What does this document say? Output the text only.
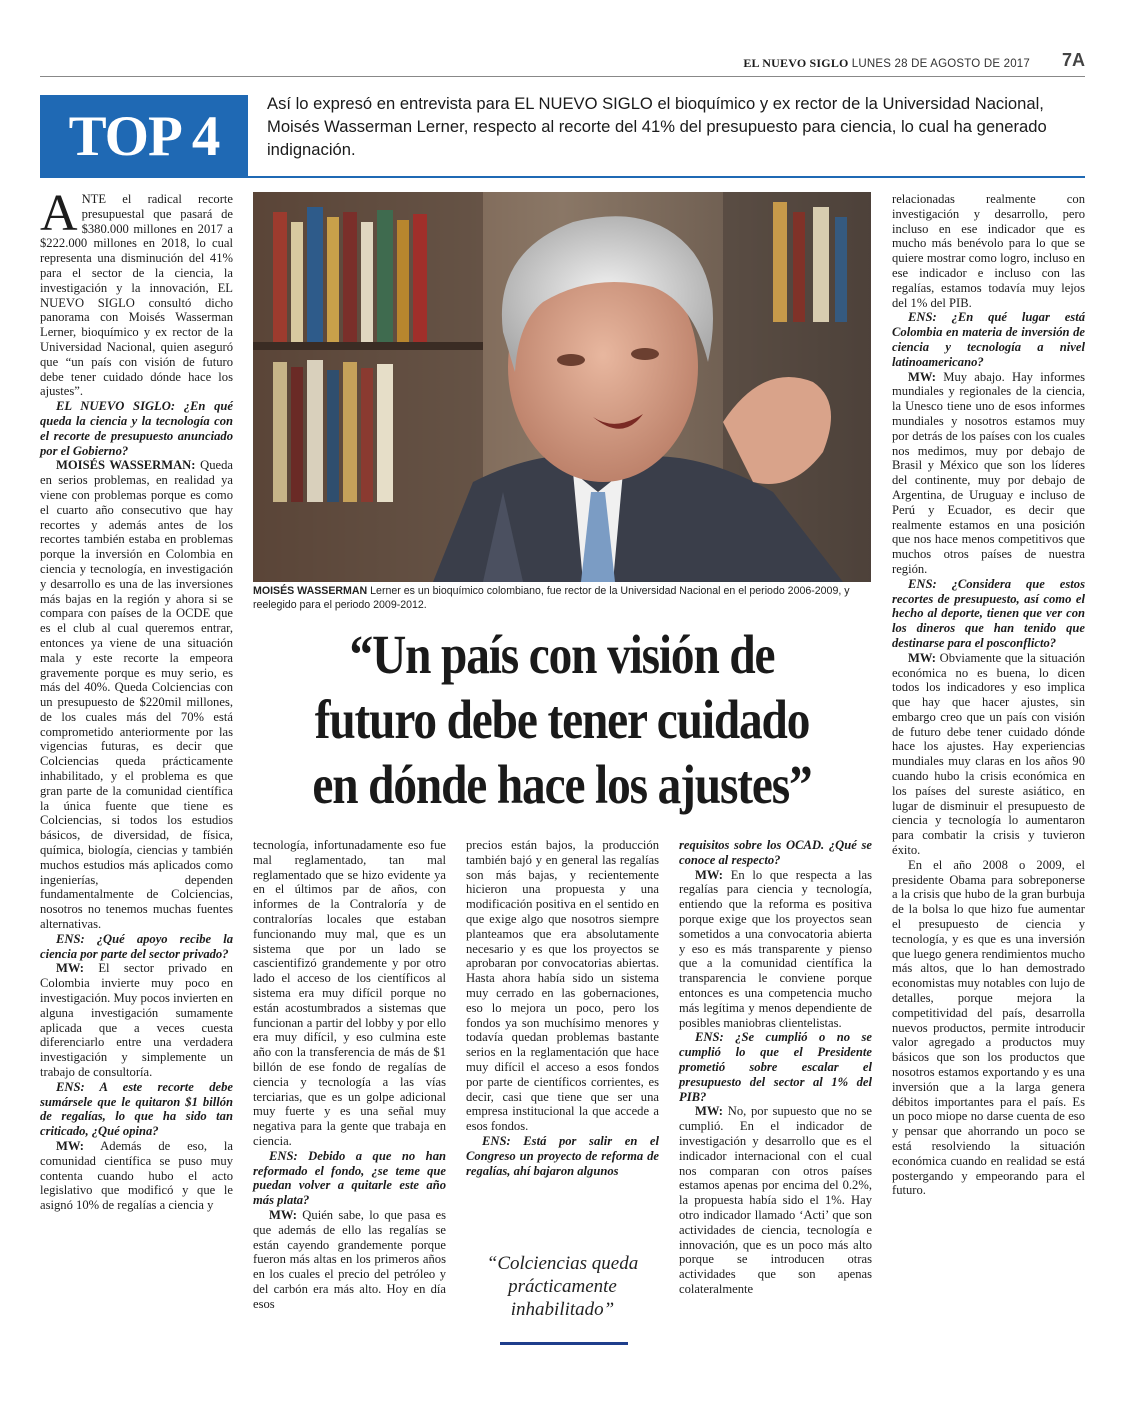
EL NUEVO SIGLO LUNES 28 DE AGOSTO DE 2017 7A
TOP 4
Así lo expresó en entrevista para EL NUEVO SIGLO el bioquímico y ex rector de la Universidad Nacional, Moisés Wasserman Lerner, respecto al recorte del 41% del presupuesto para ciencia, lo cual ha generado indignación.

ANTE el radical recorte presupuestal que pasará de $380.000 millones en 2017 a $222.000 millones en 2018, lo cual representa una disminución del 41% para el sector de la ciencia, la investigación y la innovación, EL NUEVO SIGLO consultó dicho panorama con Moisés Wasserman Lerner, bioquímico y ex rector de la Universidad Nacional, quien aseguró que “un país con visión de futuro debe tener cuidado dónde hace los ajustes”.

EL NUEVO SIGLO: ¿En qué queda la ciencia y la tecnología con el recorte de presupuesto anunciado por el Gobierno?

MOISÉS WASSERMAN: Queda en serios problemas, en realidad ya viene con problemas porque es como el cuarto año consecutivo que hay recortes y además antes de los recortes también estaba en problemas porque la inversión en Colombia en ciencia y tecnología, en investigación y desarrollo es una de las inversiones más bajas en la región y ahora si se compara con países de la OCDE que es el club al cual queremos entrar, entonces ya viene de una situación mala y este recorte la empeora gravemente porque es muy serio, es más del 40%. Queda Colciencias con un presupuesto de $220mil millones, de los cuales más del 70% está comprometido anteriormente por las vigencias futuras, es decir que Colciencias queda prácticamente inhabilitado, y el problema es que gran parte de la comunidad científica la única fuente que tiene es Colciencias, si todos los estudios básicos, de diversidad, de física, química, biología, ciencias y también muchos estudios más aplicados como ingenierías, dependen fundamentalmente de Colciencias, nosotros no tenemos muchas fuentes alternativas.

ENS: ¿Qué apoyo recibe la ciencia por parte del sector privado?

MW: El sector privado en Colombia invierte muy poco en investigación. Muy pocos invierten en alguna investigación sumamente aplicada que a veces cuesta diferenciarlo entre una verdadera investigación y simplemente un trabajo de consultoría.

ENS: A este recorte debe sumársele que le quitaron $1 billón de regalías, lo que ha sido tan criticado, ¿Qué opina?

MW: Además de eso, la comunidad científica se puso muy contenta cuando hubo el acto legislativo que modificó y que le asignó 10% de regalías a ciencia y

MOISÉS WASSERMAN Lerner es un bioquímico colombiano, fue rector de la Universidad Nacional en el periodo 2006-2009, y reelegido para el periodo 2009-2012.
“Un país con visión de futuro debe tener cuidado en dónde hace los ajustes”

tecnología, infortunadamente eso fue mal reglamentado, tan mal reglamentado que se hizo evidente ya en el últimos par de años, con informes de la Contraloría y de contralorías locales que estaban funcionando muy mal, que es un sistema que por un lado se cascientifizó grandemente y por otro lado el acceso de los científicos al sistema era muy difícil porque no están acostumbrados a sistemas que funcionan a partir del lobby y por ello era muy difícil, y eso culmina este año con la transferencia de más de $1 billón de ese fondo de regalías de ciencia y tecnología a las vías terciarias, que es un golpe adicional muy fuerte y es una señal muy negativa para la gente que trabaja en ciencia.

ENS: Debido a que no han reformado el fondo, ¿se teme que puedan volver a quitarle este año más plata?

MW: Quién sabe, lo que pasa es que además de ello las regalías se están cayendo grandemente porque fueron más altas en los primeros años en los cuales el precio del petróleo y del carbón era más alto. Hoy en día esos

precios están bajos, la producción también bajó y en general las regalías son más bajas, y recientemente hicieron una propuesta y una modificación positiva en el sentido en que exige algo que nosotros siempre planteamos que era absolutamente necesario y es que los proyectos se aprobaran por convocatorias abiertas. Hasta ahora había sido un sistema muy cerrado en las gobernaciones, eso lo mejora un poco, pero los fondos ya son muchísimo menores y todavía quedan problemas bastante serios en la reglamentación que hace muy difícil el acceso a esos fondos por parte de científicos corrientes, es decir, casi que tiene que ser una empresa institucional la que accede a esos fondos.

ENS: Está por salir en el Congreso un proyecto de reforma de regalías, ahí bajaron algunos

“Colciencias queda prácticamente inhabilitado”

requisitos sobre los OCAD. ¿Qué se conoce al respecto?

MW: En lo que respecta a las regalías para ciencia y tecnología, entiendo que la reforma es positiva porque exige que los proyectos sean sometidos a una convocatoria abierta y eso es más transparente y pienso que a la comunidad científica la transparencia le conviene porque entonces es una competencia mucho más legítima y menos dependiente de posibles maniobras clientelistas.

ENS: ¿Se cumplió o no se cumplió lo que el Presidente prometió sobre escalar el presupuesto del sector al 1% del PIB?

MW: No, por supuesto que no se cumplió. En el indicador de investigación y desarrollo que es el indicador internacional con el cual nos comparan con otros países estamos apenas por encima del 0.2%, la propuesta había sido el 1%. Hay otro indicador llamado ‘Acti’ que son actividades de ciencia, tecnología e innovación, que es un poco más alto porque se introducen otras actividades que son apenas colateralmente

relacionadas realmente con investigación y desarrollo, pero incluso en ese indicador que es mucho más benévolo para lo que se quiere mostrar como logro, incluso en ese indicador e incluso con las regalías, estamos todavía muy lejos del 1% del PIB.

ENS: ¿En qué lugar está Colombia en materia de inversión de ciencia y tecnología a nivel latinoamericano?

MW: Muy abajo. Hay informes mundiales y regionales de la ciencia, la Unesco tiene uno de esos informes mundiales y nosotros estamos muy por detrás de los países con los cuales nos medimos, muy por debajo de Brasil y México que son los líderes del continente, muy por debajo de Argentina, de Uruguay e incluso de Perú y Ecuador, es decir que realmente estamos en una posición que nos hace menos competitivos que muchos otros países de nuestra región.

ENS: ¿Considera que estos recortes de presupuesto, así como el hecho al deporte, tienen que ver con los dineros que han tenido que destinarse para el posconflicto?

MW: Obviamente que la situación económica no es buena, lo dicen todos los indicadores y eso implica que hay que hacer ajustes, sin embargo creo que un país con visión de futuro debe tener cuidado dónde hace los ajustes. Hay experiencias mundiales muy claras en los años 90 cuando hubo la crisis económica en los países del sureste asiático, en lugar de disminuir el presupuesto de ciencia y tecnología lo aumentaron para combatir la crisis y tuvieron éxito.

En el año 2008 o 2009, el presidente Obama para sobreponerse a la crisis que hubo de la gran burbuja de la bolsa lo que hizo fue aumentar el presupuesto de ciencia y tecnología, y es que es una inversión que luego genera rendimientos mucho más altos, que lo han demostrado economistas muy notables con lujo de detalles, porque mejora la competitividad del país, desarrolla nuevos productos, permite introducir valor agregado a productos muy básicos que son los productos que nosotros estamos exportando y es una inversión que a la larga genera débitos importantes para el país. Es un poco miope no darse cuenta de eso y pensar que ahorrando un poco se está resolviendo la situación económica cuando en realidad se está postergando y empeorando para el futuro.
